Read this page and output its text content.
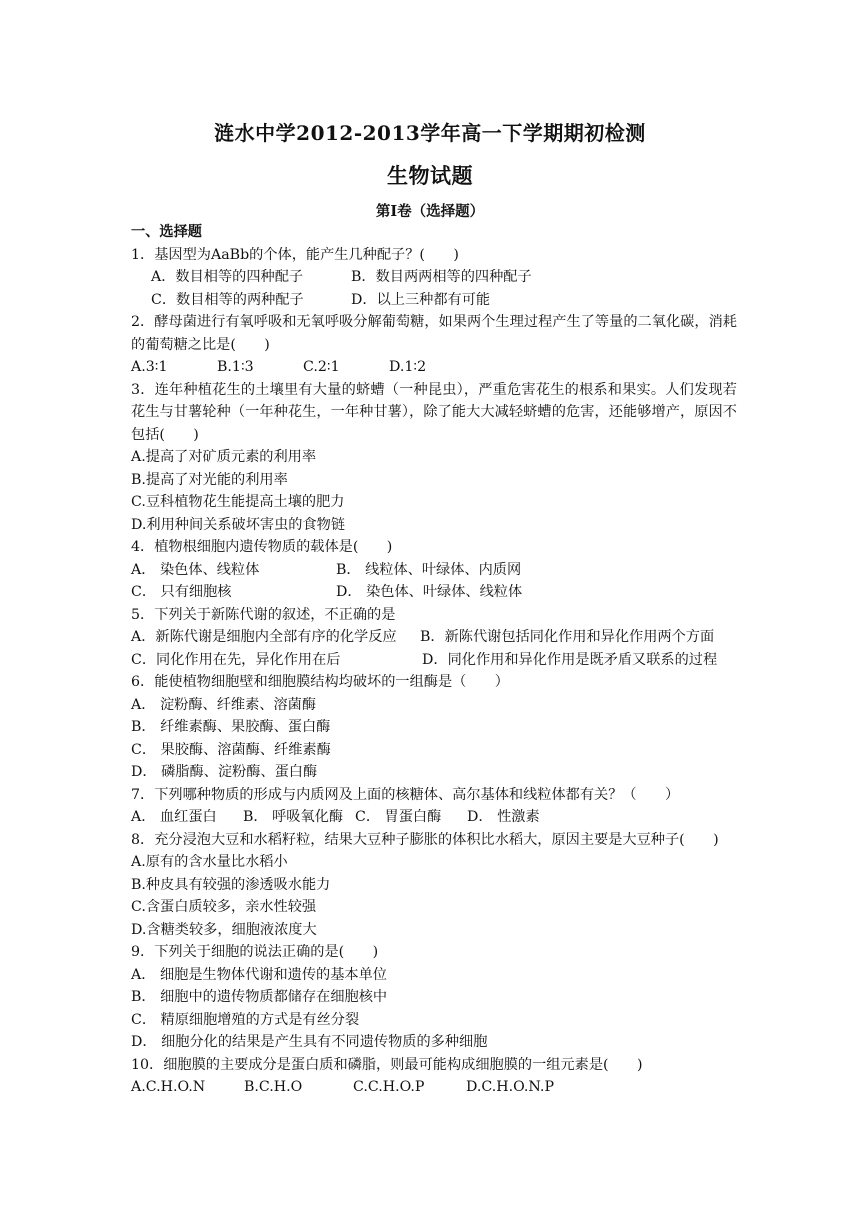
涟水中学2012-2013学年高一下学期期初检测
生物试题
第I卷（选择题）
一、选择题
1．基因型为AaBb的个体，能产生几种配子？(　　)
A．数目相等的四种配子	B．数目两两相等的四种配子
C．数目相等的两种配子	D．以上三种都有可能
2．酵母菌进行有氧呼吸和无氧呼吸分解葡萄糖，如果两个生理过程产生了等量的二氧化碳，消耗的葡萄糖之比是(　　)
A.3∶1	B.1∶3	C.2∶1	D.1∶2
3．连年种植花生的土壤里有大量的蛴螬（一种昆虫），严重危害花生的根系和果实。人们发现若花生与甘薯轮种（一年种花生，一年种甘薯），除了能大大减轻蛴螬的危害，还能够增产，原因不包括(　　)
A.提高了对矿质元素的利用率
B.提高了对光能的利用率
C.豆科植物花生能提高土壤的肥力
D.利用种间关系破坏害虫的食物链
4．植物根细胞内遗传物质的载体是(　　)
A． 染色体、线粒体	B． 线粒体、叶绿体、内质网
C． 只有细胞核	D． 染色体、叶绿体、线粒体
5．下列关于新陈代谢的叙述，不正确的是
A．新陈代谢是细胞内全部有序的化学反应 B．新陈代谢包括同化作用和异化作用两个方面
C．同化作用在先，异化作用在后	D．同化作用和异化作用是既矛盾又联系的过程
6．能使植物细胞壁和细胞膜结构均破坏的一组酶是（　　）
A． 淀粉酶、纤维素、溶菌酶
B． 纤维素酶、果胶酶、蛋白酶
C． 果胶酶、溶菌酶、纤维素酶
D． 磷脂酶、淀粉酶、蛋白酶
7．下列哪种物质的形成与内质网及上面的核糖体、高尔基体和线粒体都有关？（　　）
A． 血红蛋白 B． 呼吸氧化酶 C． 胃蛋白酶 D． 性激素
8．充分浸泡大豆和水稻籽粒，结果大豆种子膨胀的体积比水稻大，原因主要是大豆种子(　　)
A.原有的含水量比水稻小
B.种皮具有较强的渗透吸水能力
C.含蛋白质较多，亲水性较强
D.含糖类较多，细胞液浓度大
9．下列关于细胞的说法正确的是(　　)
A． 细胞是生物体代谢和遗传的基本单位
B． 细胞中的遗传物质都储存在细胞核中
C． 精原细胞增殖的方式是有丝分裂
D． 细胞分化的结果是产生具有不同遗传物质的多种细胞
10．细胞膜的主要成分是蛋白质和磷脂，则最可能构成细胞膜的一组元素是(　　)
A.C.H.O.N	B.C.H.O	C.C.H.O.P	D.C.H.O.N.P
